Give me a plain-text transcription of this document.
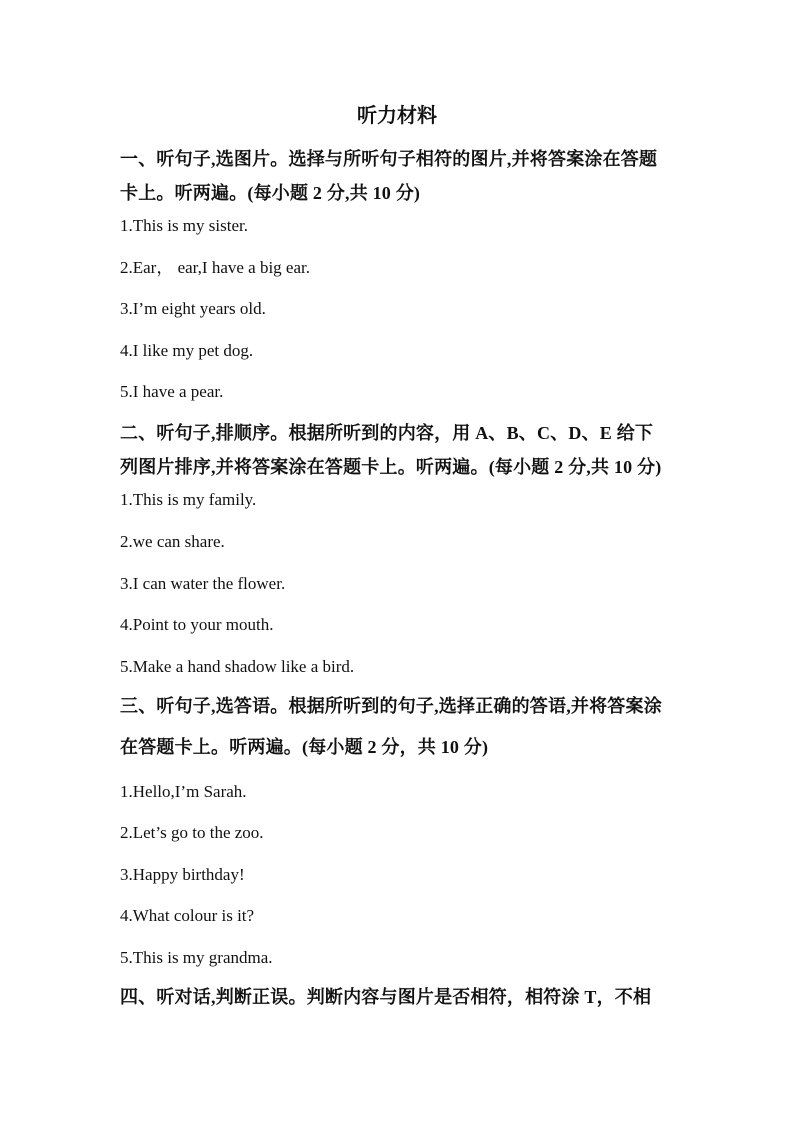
听力材料
一、听句子,选图片。选择与所听句子相符的图片,并将答案涂在答题
卡上。听两遍。(每小题 2 分,共 10 分)
1.This is my sister.
2.Ear， ear,I have a big ear.
3.I’m eight years old.
4.I like my pet dog.
5.I have a pear.
二、听句子,排顺序。根据所听到的内容，用 A、B、C、D、E 给下
列图片排序,并将答案涂在答题卡上。听两遍。(每小题 2 分,共 10 分)
1.This is my family.
2.we can share.
3.I can water the flower.
4.Point to your mouth.
5.Make a hand shadow like a bird.
三、听句子,选答语。根据所听到的句子,选择正确的答语,并将答案涂
在答题卡上。听两遍。(每小题 2 分，共 10 分)
1.Hello,I’m Sarah.
2.Let’s go to the zoo.
3.Happy birthday!
4.What colour is it?
5.This is my grandma.
四、听对话,判断正误。判断内容与图片是否相符，相符涂 T，不相
